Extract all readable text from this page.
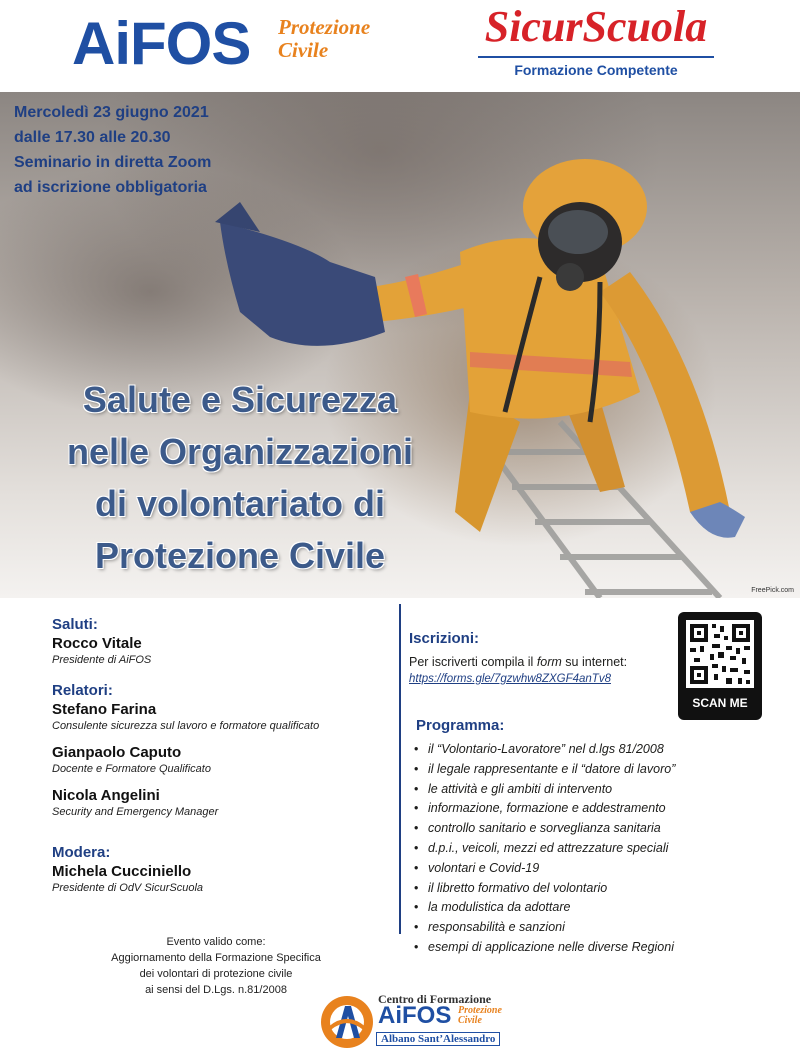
AiFOS Protezione
Civile	SicurScuola
Formazione Competente
Mercoledì 23 giugno 2021
dalle 17.30 alle 20.30
Seminario in diretta Zoom
ad iscrizione obbligatoria
Salute e Sicurezza
nelle Organizzazioni
di volontariato di
Protezione Civile
FreePick.com
Saluti:
Rocco Vitale
Presidente di AiFOS
Relatori:
Stefano Farina
Consulente sicurezza sul lavoro e formatore qualificato
Gianpaolo Caputo
Docente e Formatore Qualificato
Nicola Angelini
Security and Emergency Manager
Modera:
Michela Cucciniello
Presidente di OdV SicurScuola
Evento valido come:
Aggiornamento della Formazione Specifica
dei volontari di protezione civile
ai sensi del D.Lgs. n.81/2008
Iscrizioni:
Per iscriverti compila il form su internet:
https://forms.gle/7gzwhw8ZXGF4anTv8
SCAN ME
Programma:
• il “Volontario-Lavoratore” nel d.lgs 81/2008
• il legale rappresentante e il “datore di lavoro”
• le attività e gli ambiti di intervento
• informazione, formazione e addestramento
• controllo sanitario e sorveglianza sanitaria
• d.p.i., veicoli, mezzi ed attrezzature speciali
• volontari e Covid-19
• il libretto formativo del volontario
• la modulistica da adottare
• responsabilità e sanzioni
• esempi di applicazione nelle diverse Regioni
Centro di Formazione
AiFOS Protezione
Civile
Albano Sant’Alessandro
